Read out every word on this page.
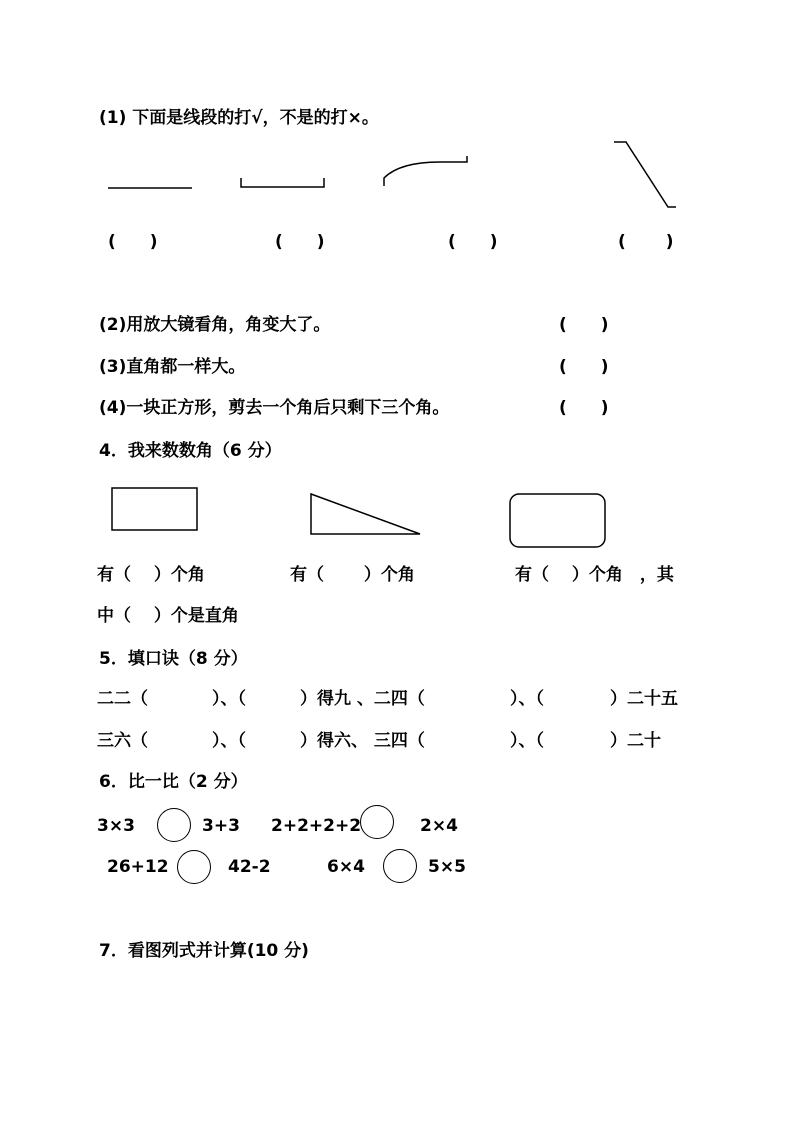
(1) 下面是线段的打√，不是的打×。
(　　)	(　　)	(　　)	(　　 )
(2)用放大镜看角，角变大了。	(　　)
(3)直角都一样大。	(　　)
(4)一块正方形，剪去一个角后只剩下三个角。	(　　)
4．我来数数角（6 分）
有（　 ）个角	有（　　 ）个角	有（　 ）个角　，其
中（　 ）个是直角
5．填口诀（8 分）
二二（	）、（	）得九 、二四（	）、（	）二十五
三六（	）、（	）得六、 三四（	）、（	）二十
6．比一比（2 分）
3×3	3+3 2+2+2+2	2×4
26+12	42-2	6×4	5×5
7．看图列式并计算(10 分)
